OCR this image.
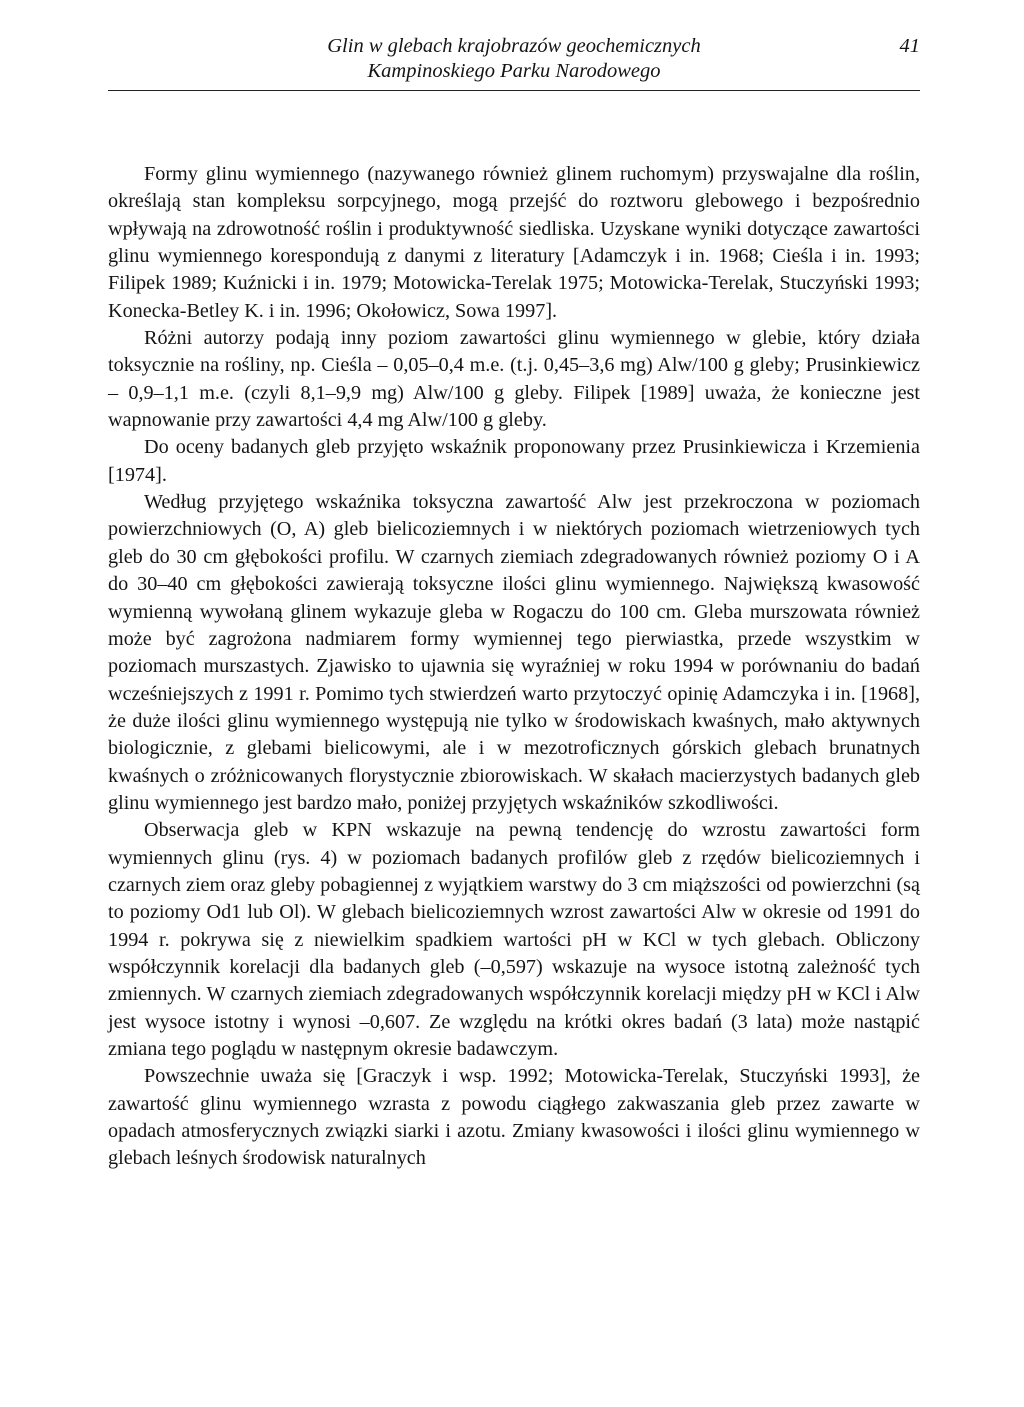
Glin w glebach krajobrazów geochemicznych
Kampinoskiego Parku Narodowego
41

Formy glinu wymiennego (nazywanego również glinem ruchomym) przyswajalne dla roślin, określają stan kompleksu sorpcyjnego, mogą przejść do roztworu glebowego i bezpośrednio wpływają na zdrowotność roślin i produktywność siedliska. Uzyskane wyniki dotyczące zawartości glinu wymiennego korespondują z danymi z literatury [Adamczyk i in. 1968; Cieśla i in. 1993; Filipek 1989; Kuźnicki i in. 1979; Motowicka-Terelak 1975; Motowicka-Terelak, Stuczyński 1993; Konecka-Betley K. i in. 1996; Okołowicz, Sowa 1997].

Różni autorzy podają inny poziom zawartości glinu wymiennego w glebie, który działa toksycznie na rośliny, np. Cieśla – 0,05–0,4 m.e. (t.j. 0,45–3,6 mg) Alw/100 g gleby; Prusinkiewicz – 0,9–1,1 m.e. (czyli 8,1–9,9 mg) Alw/100 g gleby. Filipek [1989] uważa, że konieczne jest wapnowanie przy zawartości 4,4 mg Alw/100 g gleby.

Do oceny badanych gleb przyjęto wskaźnik proponowany przez Prusinkiewicza i Krzemienia [1974].

Według przyjętego wskaźnika toksyczna zawartość Alw jest przekroczona w poziomach powierzchniowych (O, A) gleb bielicoziemnych i w niektórych poziomach wietrzeniowych tych gleb do 30 cm głębokości profilu. W czarnych ziemiach zdegradowanych również poziomy O i A do 30–40 cm głębokości zawierają toksyczne ilości glinu wymiennego. Największą kwasowość wymienną wywołaną glinem wykazuje gleba w Rogaczu do 100 cm. Gleba murszowata również może być zagrożona nadmiarem formy wymiennej tego pierwiastka, przede wszystkim w poziomach murszastych. Zjawisko to ujawnia się wyraźniej w roku 1994 w porównaniu do badań wcześniejszych z 1991 r. Pomimo tych stwierdzeń warto przytoczyć opinię Adamczyka i in. [1968], że duże ilości glinu wymiennego występują nie tylko w środowiskach kwaśnych, mało aktywnych biologicznie, z glebami bielicowymi, ale i w mezotroficznych górskich glebach brunatnych kwaśnych o zróżnicowanych florystycznie zbiorowiskach. W skałach macierzystych badanych gleb glinu wymiennego jest bardzo mało, poniżej przyjętych wskaźników szkodliwości.

Obserwacja gleb w KPN wskazuje na pewną tendencję do wzrostu zawartości form wymiennych glinu (rys. 4) w poziomach badanych profilów gleb z rzędów bielicoziemnych i czarnych ziem oraz gleby pobagiennej z wyjątkiem warstwy do 3 cm miąższości od powierzchni (są to poziomy Od1 lub Ol). W glebach bielicoziemnych wzrost zawartości Alw w okresie od 1991 do 1994 r. pokrywa się z niewielkim spadkiem wartości pH w KCl w tych glebach. Obliczony współczynnik korelacji dla badanych gleb (–0,597) wskazuje na wysoce istotną zależność tych zmiennych. W czarnych ziemiach zdegradowanych współczynnik korelacji między pH w KCl i Alw jest wysoce istotny i wynosi –0,607. Ze względu na krótki okres badań (3 lata) może nastąpić zmiana tego poglądu w następnym okresie badawczym.

Powszechnie uważa się [Graczyk i wsp. 1992; Motowicka-Terelak, Stuczyński 1993], że zawartość glinu wymiennego wzrasta z powodu ciągłego zakwaszania gleb przez zawarte w opadach atmosferycznych związki siarki i azotu. Zmiany kwasowości i ilości glinu wymiennego w glebach leśnych środowisk naturalnych
